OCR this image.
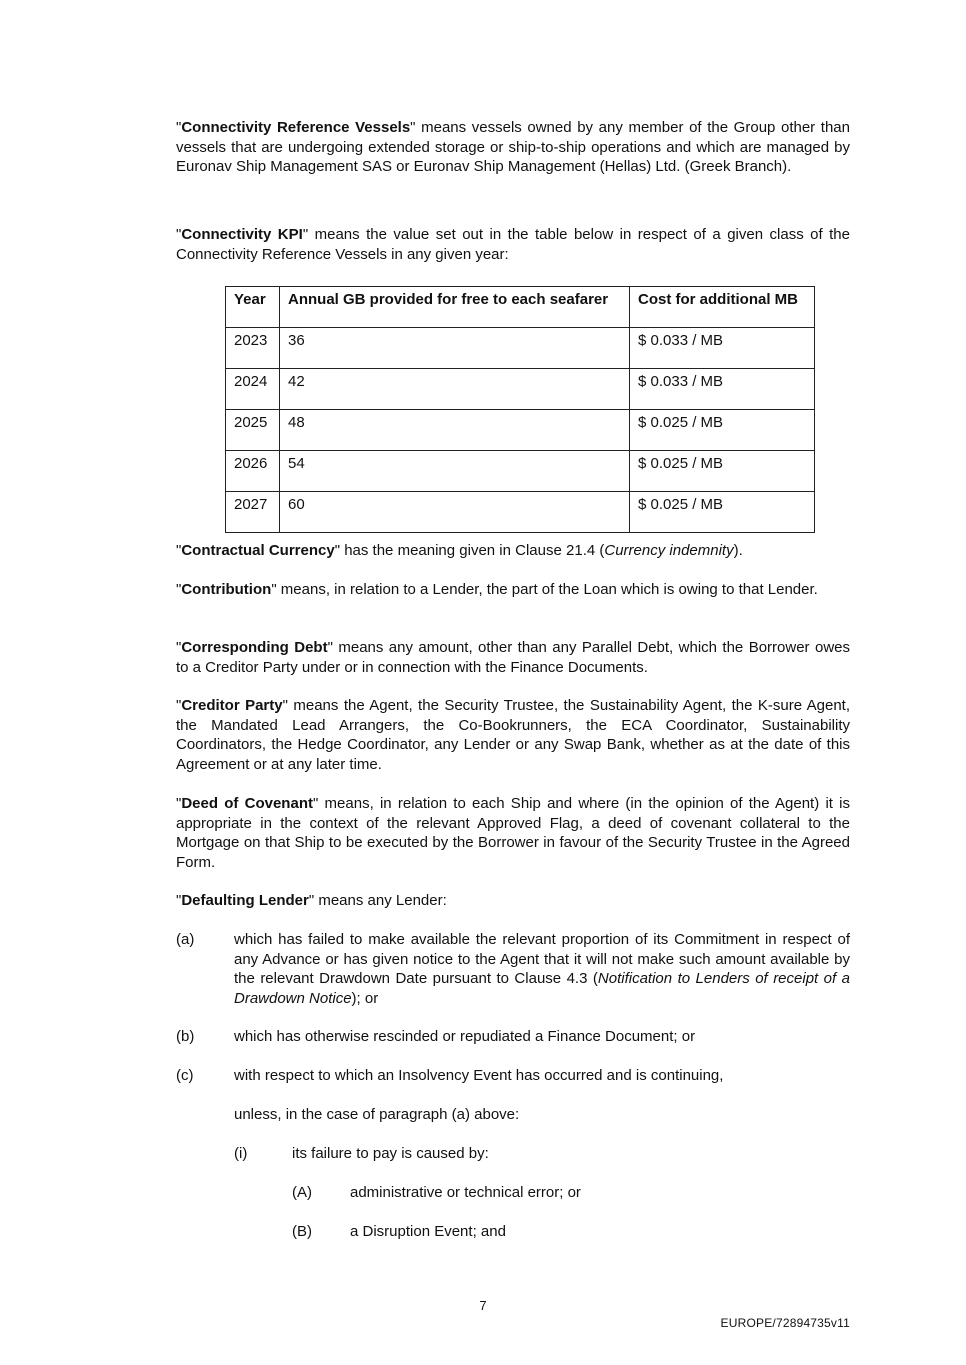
"Connectivity Reference Vessels" means vessels owned by any member of the Group other than vessels that are undergoing extended storage or ship-to-ship operations and which are managed by Euronav Ship Management SAS or Euronav Ship Management (Hellas) Ltd. (Greek Branch).

"Connectivity KPI" means the value set out in the table below in respect of a given class of the Connectivity Reference Vessels in any given year:

Year	Annual GB provided for free to each seafarer	Cost for additional MB
2023	36	$ 0.033 / MB
2024	42	$ 0.033 / MB
2025	48	$ 0.025 / MB
2026	54	$ 0.025 / MB
2027	60	$ 0.025 / MB

"Contractual Currency" has the meaning given in Clause 21.4 (Currency indemnity).

"Contribution" means, in relation to a Lender, the part of the Loan which is owing to that Lender.

"Corresponding Debt" means any amount, other than any Parallel Debt, which the Borrower owes to a Creditor Party under or in connection with the Finance Documents.

"Creditor Party" means the Agent, the Security Trustee, the Sustainability Agent, the K-sure Agent, the Mandated Lead Arrangers, the Co-Bookrunners, the ECA Coordinator, Sustainability Coordinators, the Hedge Coordinator, any Lender or any Swap Bank, whether as at the date of this Agreement or at any later time.

"Deed of Covenant" means, in relation to each Ship and where (in the opinion of the Agent) it is appropriate in the context of the relevant Approved Flag, a deed of covenant collateral to the Mortgage on that Ship to be executed by the Borrower in favour of the Security Trustee in the Agreed Form.

"Defaulting Lender" means any Lender:

(a)	which has failed to make available the relevant proportion of its Commitment in respect of any Advance or has given notice to the Agent that it will not make such amount available by the relevant Drawdown Date pursuant to Clause 4.3 (Notification to Lenders of receipt of a Drawdown Notice); or

(b)	which has otherwise rescinded or repudiated a Finance Document; or
(c)	with respect to which an Insolvency Event has occurred and is continuing,
unless, in the case of paragraph (a) above:
(i)	its failure to pay is caused by:
(A)	administrative or technical error; or
(B)	a Disruption Event; and
7
EUROPE/72894735v11
